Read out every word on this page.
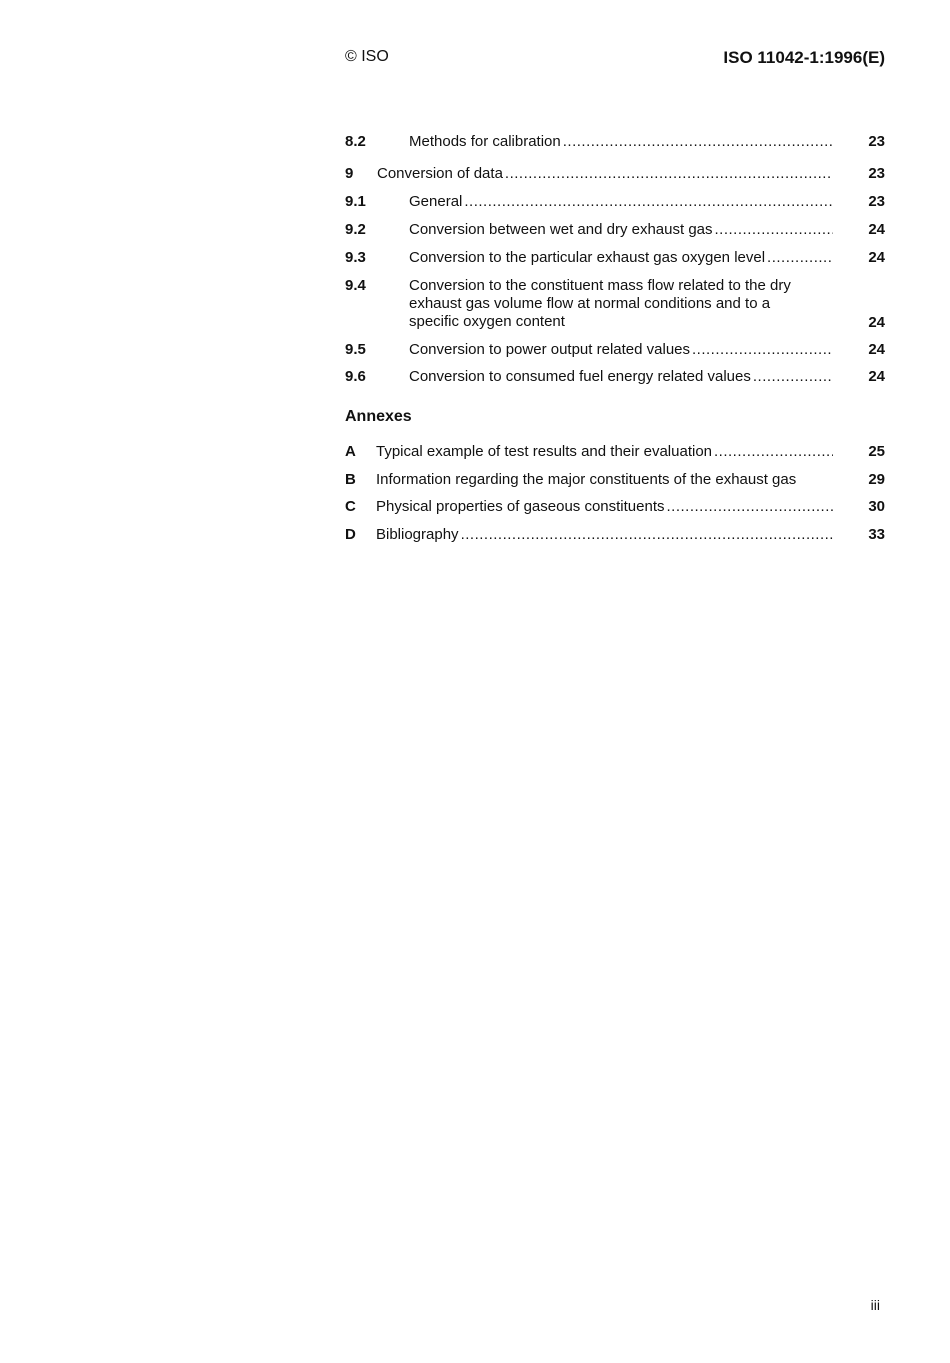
© ISO	ISO 11042-1:1996(E)
8.2	Methods for calibration .....	23
9 Conversion of data .....	23
9.1	General .....	23
9.2	Conversion between wet and dry exhaust gas .....	24
9.3	Conversion to the particular exhaust gas oxygen level .....	24
9.4	Conversion to the constituent mass flow related to the dry
exhaust gas volume flow at normal conditions and to a
specific oxygen content	24
9.5	Conversion to power output related values .....	24
9.6	Conversion to consumed fuel energy related values .....	24
Annexes
A Typical example of test results and their evaluation .....	25
B Information regarding the major constituents of the exhaust gas	29
C Physical properties of gaseous constituents .....	30
D Bibliography .....	33
iii
